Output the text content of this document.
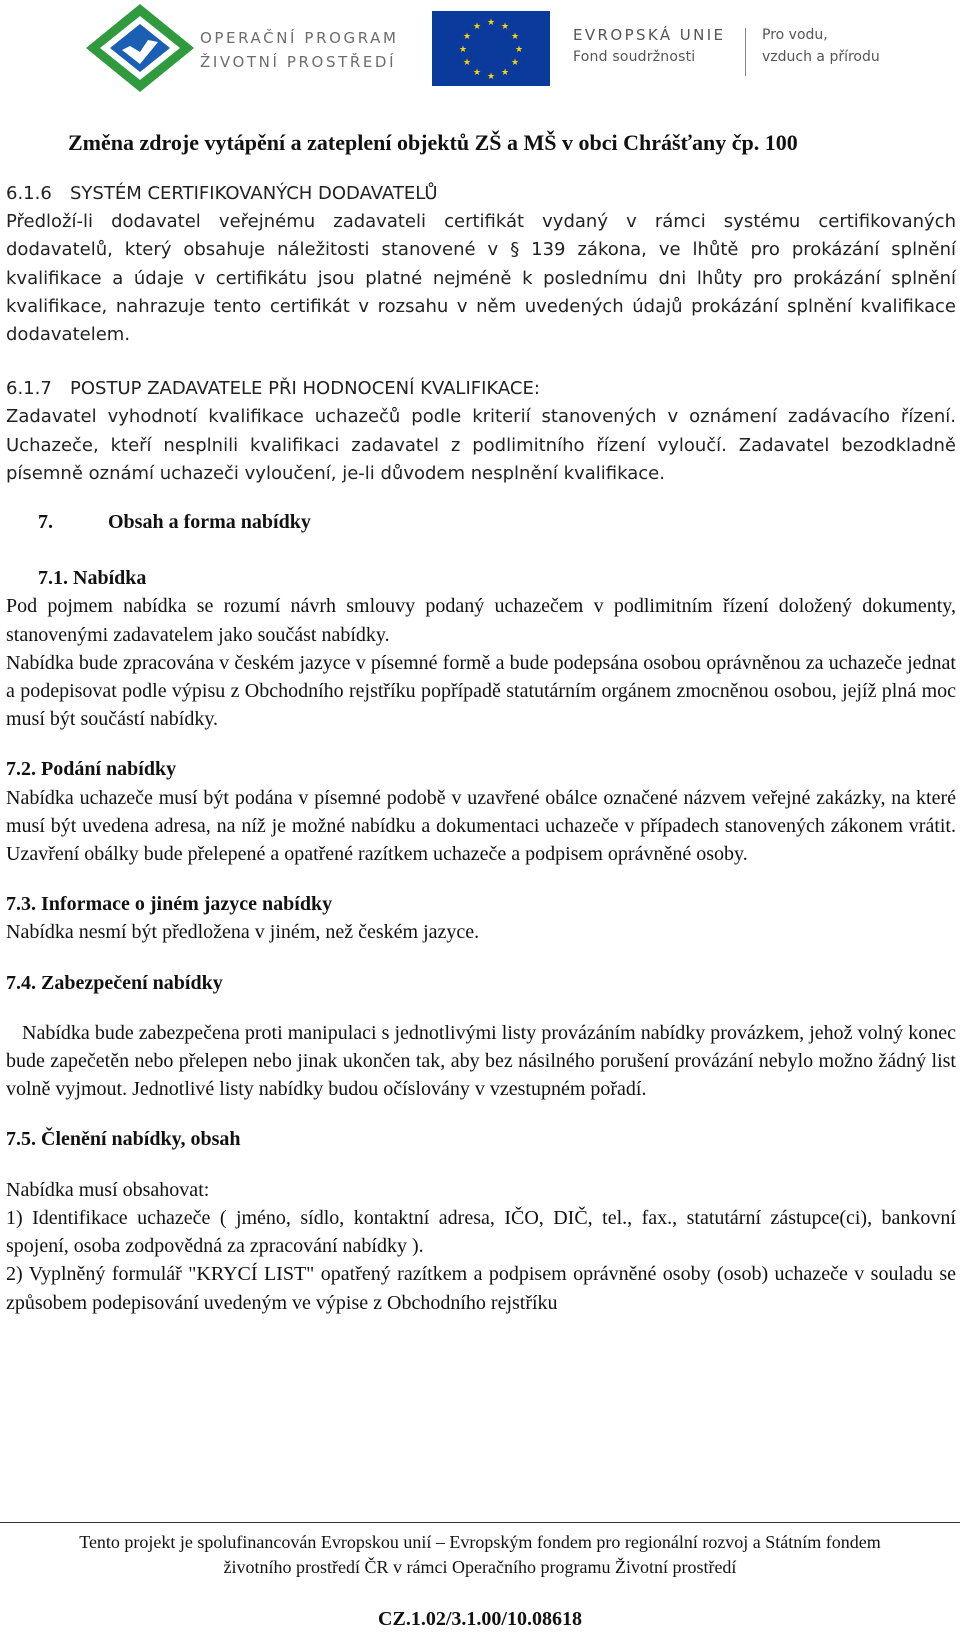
OPERAČNÍ PROGRAM
ŽIVOTNÍ PROSTŘEDÍ
★ ★
★
★
★
★
★
★
★
★
★
★	EVROPSKÁ UNIE
Fond soudržnosti
Pro vodu,
vzduch a přírodu
Změna zdroje vytápění a zateplení objektů ZŠ a MŠ v obci Chrášťany čp. 100

6.1.6 SYSTÉM CERTIFIKOVANÝCH DODAVATELŮ

Předloží-li dodavatel veřejnému zadavateli certifikát vydaný v rámci systému certifikovaných dodavatelů, který obsahuje náležitosti stanovené v § 139 zákona, ve lhůtě pro prokázání splnění kvalifikace a údaje v certifikátu jsou platné nejméně k poslednímu dni lhůty pro prokázání splnění kvalifikace, nahrazuje tento certifikát v rozsahu v něm uvedených údajů prokázání splnění kvalifikace dodavatelem.

6.1.7 POSTUP ZADAVATELE PŘI HODNOCENÍ KVALIFIKACE:

Zadavatel vyhodnotí kvalifikace uchazečů podle kriterií stanovených v oznámení zadávacího řízení. Uchazeče, kteří nesplnili kvalifikaci zadavatel z podlimitního řízení vyloučí. Zadavatel bezodkladně písemně oznámí uchazeči vyloučení, je-li důvodem nesplnění kvalifikace.

7.	Obsah a forma nabídky

7.1. Nabídka

Pod pojmem nabídka se rozumí návrh smlouvy podaný uchazečem v podlimitním řízení doložený dokumenty, stanovenými zadavatelem jako součást nabídky.

Nabídka bude zpracována v českém jazyce v písemné formě a bude podepsána osobou oprávněnou za uchazeče jednat a podepisovat podle výpisu z Obchodního rejstříku popřípadě statutárním orgánem zmocněnou osobou, jejíž plná moc musí být součástí nabídky.

7.2. Podání nabídky

Nabídka uchazeče musí být podána v písemné podobě v uzavřené obálce označené názvem veřejné zakázky, na které musí být uvedena adresa, na níž je možné nabídku a dokumentaci uchazeče v případech stanovených zákonem vrátit. Uzavření obálky bude přelepené a opatřené razítkem uchazeče a podpisem oprávněné osoby.

7.3. Informace o jiném jazyce nabídky

Nabídka nesmí být předložena v jiném, než českém jazyce.

7.4. Zabezpečení nabídky

Nabídka bude zabezpečena proti manipulaci s jednotlivými listy provázáním nabídky provázkem, jehož volný konec bude zapečetěn nebo přelepen nebo jinak ukončen tak, aby bez násilného porušení provázání nebylo možno žádný list volně vyjmout. Jednotlivé listy nabídky budou očíslovány v vzestupném pořadí.

7.5. Členění nabídky, obsah

Nabídka musí obsahovat:

1) Identifikace uchazeče ( jméno, sídlo, kontaktní adresa, IČO, DIČ, tel., fax., statutární zástupce(ci), bankovní spojení, osoba zodpovědná za zpracování nabídky ).

2) Vyplněný formulář "KRYCÍ LIST" opatřený razítkem a podpisem oprávněné osoby (osob) uchazeče v souladu se způsobem podepisování uvedeným ve výpise z Obchodního rejstříku

Tento projekt je spolufinancován Evropskou unií – Evropským fondem pro regionální rozvoj a Státním fondem
životního prostředí ČR v rámci Operačního programu Životní prostředí
CZ.1.02/3.1.00/10.08618
